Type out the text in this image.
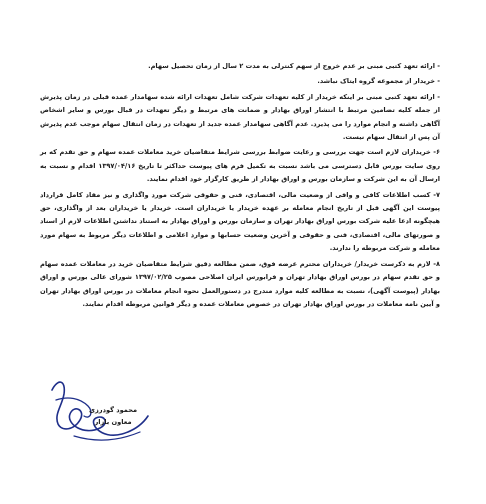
- ارائه تعهد کتبی مبنی بر عدم خروج از سهم کنترلی به مدت ۲ سال از زمان تحصیل سهام.
- خریدار از مجموعه گروه ایتاک نباشد.
- ارائه تعهد کتبی مبنی بر اینکه خریدار از کلیه تعهدات شرکت شامل تعهدات ارائه شده سهامدار عمده قبلی در زمان پذیرش از جمله کلیه تضامین مرتبط با انتشار اوراق بهادار و ضمانت های مرتبط و دیگر تعهدات در قبال بورس و سایر اشخاص آگاهی داشته و انجام موارد را می پذیرد. عدم آگاهی سهامدار عمده جدید از تعهدات در زمان انتقال سهام موجب عدم پذیرش آن پس از انتقال سهام نیست.
۶- خریداران لازم است جهت بررسی و رعایت ضوابط بررسی شرایط متقاضیان خرید معاملات عمده سهام و حق تقدم که بر روی سایت بورس قابل دسترسی می باشد نسبت به تکمیل فرم های پیوست حداکثر تا تاریخ ۱۳۹۷/۰۴/۱۶ اقدام و نسبت به ارسال آن به این شرکت و سازمان بورس و اوراق بهادار از طریق کارگزار خود اقدام نمایند.
۷- کسب اطلاعات کافی و وافی از وضعیت مالی، اقتصادی، فنی و حقوقی شرکت مورد واگذاری و نیز مفاد کامل قرارداد پیوست این آگهی قبل از تاریخ انجام معامله بر عهده خریدار یا خریداران است. خریدار یا خریداران بعد از واگذاری، حق هیچگونه ادعا علیه شرکت بورس اوراق بهادار تهران و سازمان بورس و اوراق بهادار به استناد نداشتن اطلاعات لازم از اسناد و صورتهای مالی، اقتصادی، فنی و حقوقی و آخرین وضعیت حسابها و موارد اعلامی و اطلاعات دیگر مربوط به سهام مورد معامله و شرکت مربوطه را ندارند.
۸- لازم به ذکرست خریدار/ خریداران محترم عرضه فوق، ضمن مطالعه دقیق شرایط متقاضیان خرید در معاملات عمده سهام و حق تقدم سهام در بورس اوراق بهادار تهران و فرابورس ایران اصلاحی مصوب ۱۳۹۷/۰۲/۲۵ شورای عالی بورس و اوراق بهادار (پیوست آگهی)، نسبت به مطالعه کلیه موارد مندرج در دستورالعمل نحوه انجام معاملات در بورس اوراق بهادار تهران و آیین نامه معاملات در بورس اوراق بهادار تهران در خصوص معاملات عمده و دیگر قوانین مربوطه اقدام نمایند.
محمود گودرزی
معاون بازار
